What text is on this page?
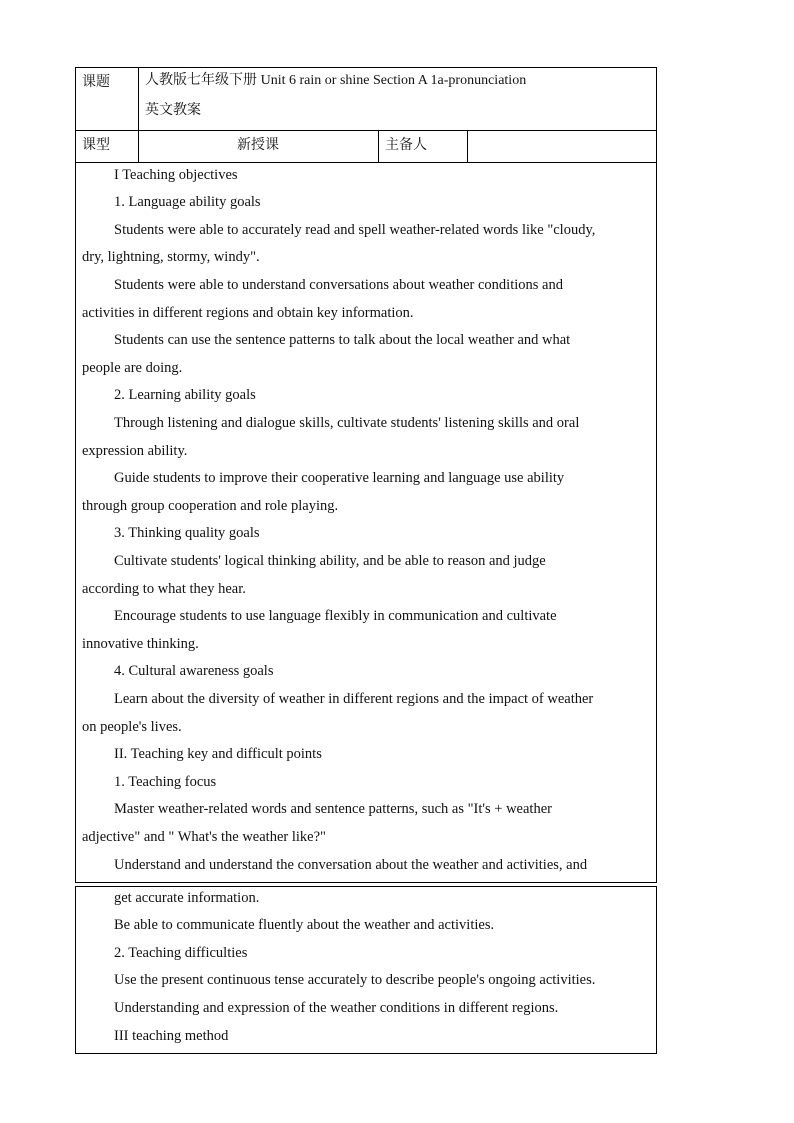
课题	人教版七年级下册 Unit 6 rain or shine Section A 1a-pronunciation
英文教案
课型	新授课	主备人
I Teaching objectives
1. Language ability goals
Students were able to accurately read and spell weather-related words like "cloudy,
dry, lightning, stormy, windy".
Students were able to understand conversations about weather conditions and
activities in different regions and obtain key information.
Students can use the sentence patterns to talk about the local weather and what
people are doing.
2. Learning ability goals
Through listening and dialogue skills, cultivate students' listening skills and oral
expression ability.
Guide students to improve their cooperative learning and language use ability
through group cooperation and role playing.
3. Thinking quality goals
Cultivate students' logical thinking ability, and be able to reason and judge
according to what they hear.
Encourage students to use language flexibly in communication and cultivate
innovative thinking.
4. Cultural awareness goals
Learn about the diversity of weather in different regions and the impact of weather
on people's lives.
II. Teaching key and difficult points
1. Teaching focus
Master weather-related words and sentence patterns, such as "It's + weather
adjective" and " What's the weather like?"
Understand and understand the conversation about the weather and activities, and
get accurate information.
Be able to communicate fluently about the weather and activities.
2. Teaching difficulties
Use the present continuous tense accurately to describe people's ongoing activities.
Understanding and expression of the weather conditions in different regions.
III teaching method
